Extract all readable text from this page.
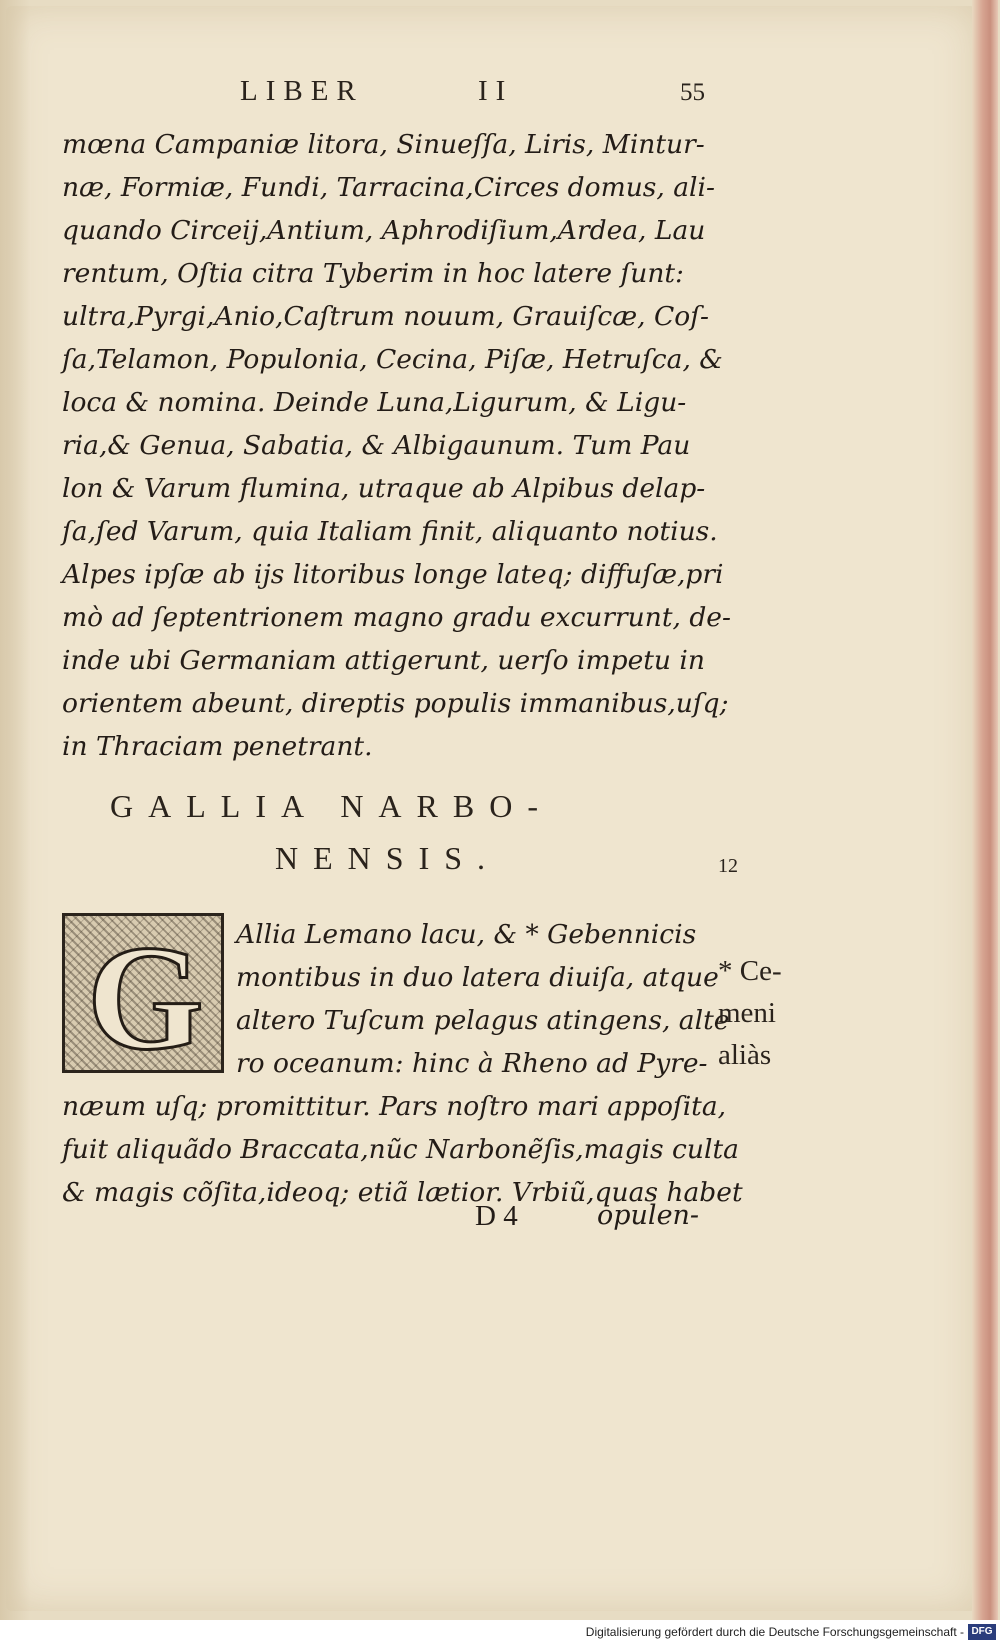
LIBER	II	55
mœna Campaniæ litora, Sinueſſa, Liris, Mintur-
næ, Formiæ, Fundi, Tarracina,Circes domus, ali-
quando Circeij,Antium, Aphrodiſium,Ardea, Lau
rentum, Oſtia citra Tyberim in hoc latere ſunt:
ultra,Pyrgi,Anio,Caſtrum nouum, Grauiſcæ, Coſ-
ſa,Telamon, Populonia, Cecina, Piſæ, Hetruſca, &
loca & nomina. Deinde Luna,Ligurum, & Ligu-
ria,& Genua, Sabatia, & Albigaunum. Tum Pau
lon & Varum flumina, utraque ab Alpibus delap-
ſa,ſed Varum, quia Italiam finit, aliquanto notius.
Alpes ipſæ ab ijs litoribus longe lateq; diffuſæ,pri
mò ad ſeptentrionem magno gradu excurrunt, de-
inde ubi Germaniam attigerunt, uerſo impetu in
orientem abeunt, direptis populis immanibus,uſq;
in Thraciam penetrant.
GALLIA NARBO-
NENSIS.	12
G Allia Lemano lacu, & * Gebennicis
montibus in duo latera diuiſa, atque
altero Tuſcum pelagus atingens, alte
ro oceanum: hinc à Rheno ad Pyre-
næum uſq; promittitur. Pars noſtro mari appoſita,
fuit aliquãdo Braccata,nũc Narbonẽſis,magis culta
& magis cõſita,ideoq; etiã lætior. Vrbiũ,quas habet
* Ce-
meni
aliàs
D 4	opulen-
Digitalisierung gefördert durch die Deutsche Forschungsgemeinschaft - DFG
